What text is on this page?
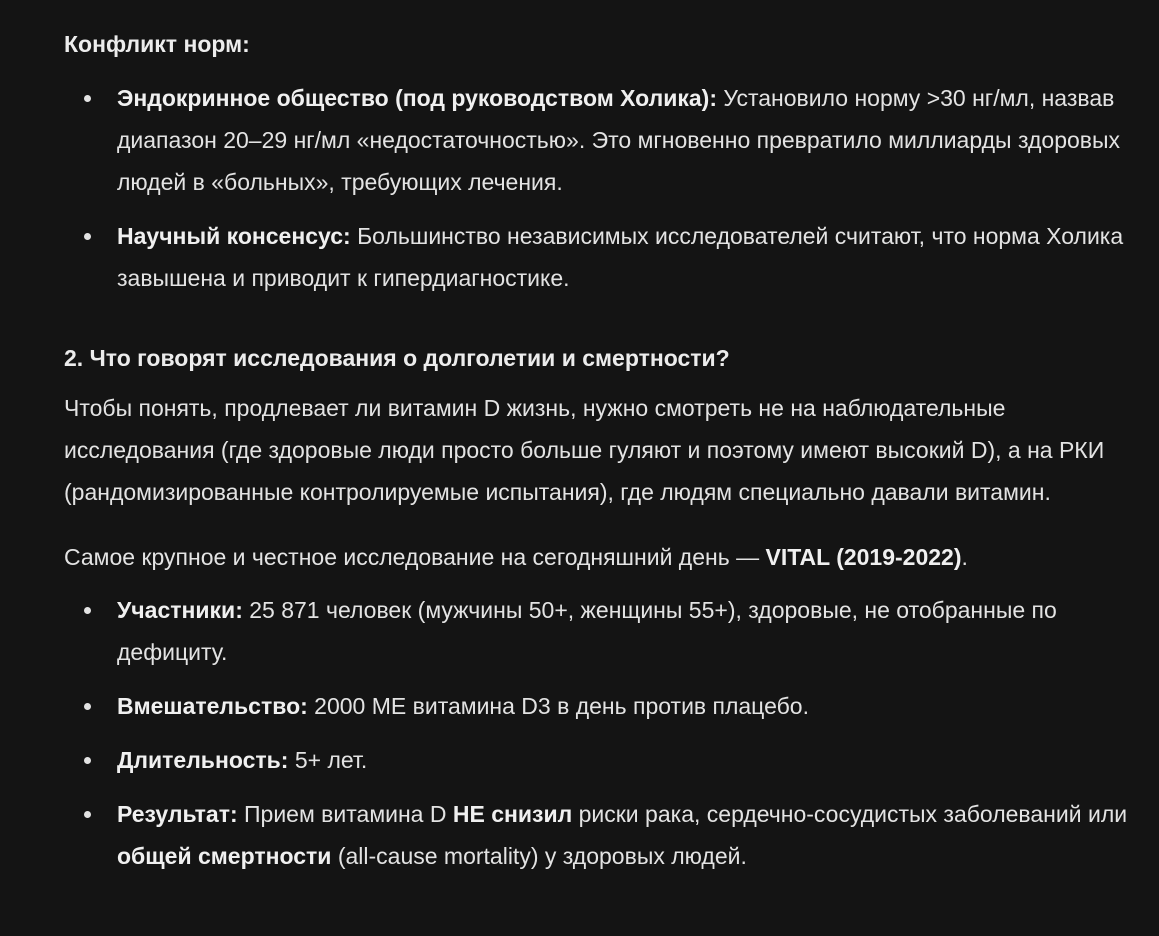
Конфликт норм:
Эндокринное общество (под руководством Холика): Установило норму >30 нг/мл, назвав диапазон 20–29 нг/мл «недостаточностью». Это мгновенно превратило миллиарды здоровых людей в «больных», требующих лечения.
Научный консенсус: Большинство независимых исследователей считают, что норма Холика завышена и приводит к гипердиагностике.
2. Что говорят исследования о долголетии и смертности?

Чтобы понять, продлевает ли витамин D жизнь, нужно смотреть не на наблюдательные исследования (где здоровые люди просто больше гуляют и поэтому имеют высокий D), а на РКИ (рандомизированные контролируемые испытания), где людям специально давали витамин.

Самое крупное и честное исследование на сегодняшний день — VITAL (2019-2022).

Участники: 25 871 человек (мужчины 50+, женщины 55+), здоровые, не отобранные по дефициту.
Вмешательство: 2000 МЕ витамина D3 в день против плацебо.
Длительность: 5+ лет.
Результат: Прием витамина D НЕ снизил риски рака, сердечно-сосудистых заболеваний или общей смертности (all-cause mortality) у здоровых людей.
